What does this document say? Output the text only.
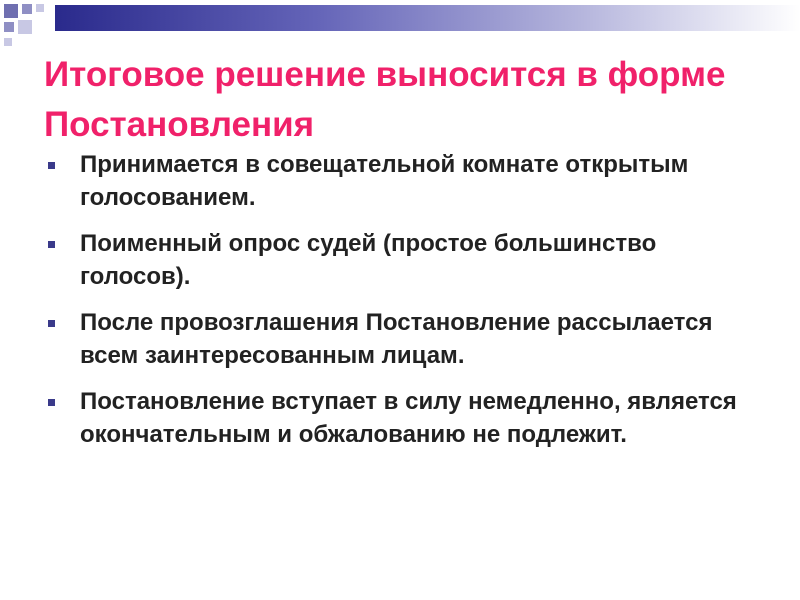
Итоговое решение выносится в форме Постановления
Принимается в совещательной комнате открытым голосованием.
Поименный опрос судей (простое большинство голосов).
После провозглашения Постановление рассылается всем заинтересованным лицам.
Постановление вступает в силу немедленно, является окончательным и обжалованию не подлежит.
